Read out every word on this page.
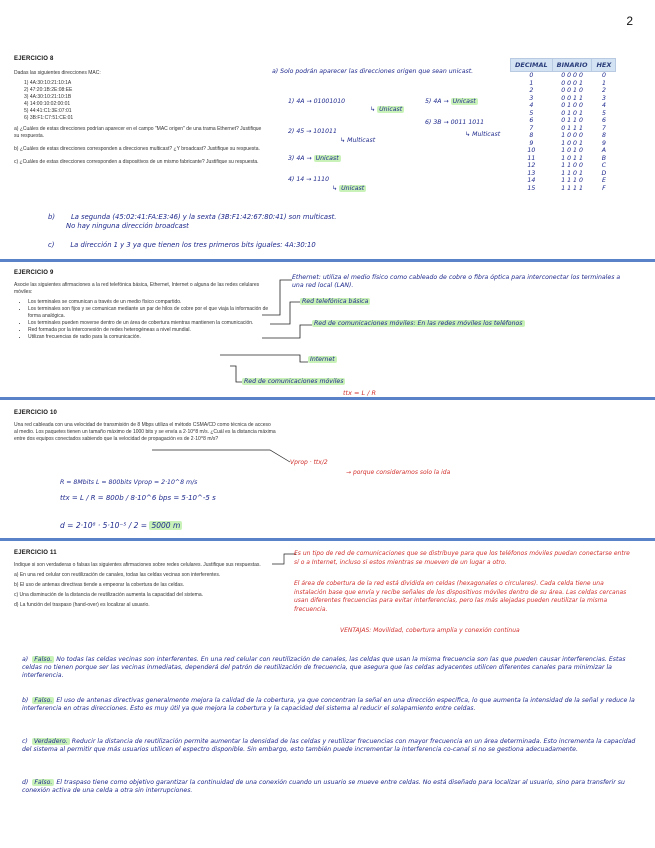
2
EJERCICIO 8

Dadas las siguientes direcciones MAC:

1) 4A:30:10:21:10:1A
2) 47:20:1B:2E:08:EE
3) 4A:30:10:21:10:1B
4) 14:00:10:02:00:01
5) 44:41:C1:3E:07:01
6) 3B:F1:C7:51:CE:01

a) ¿Cuáles de estas direcciones podrían aparecer en el campo "MAC origen" de una trama Ethernet? Justifique su respuesta.

b) ¿Cuáles de estas direcciones corresponden a direcciones multicast? ¿Y broadcast? Justifique su respuesta.

c) ¿Cuáles de estas direcciones corresponden a dispositivos de un mismo fabricante? Justifique su respuesta.

a) Solo podrán aparecer las direcciones origen que sean unicast.
1) 4A → 01001010
↳ Unicast
2) 45 → 101011
↳ Multicast
3) 4A → Unicast
4) 14 → 1110
↳ Unicast
5) 4A → Unicast
6) 3B → 0011 1011
↳ Multicast
DECIMAL	BINARIO	HEX
0	0 0 0 0	0
1	0 0 0 1	1
2	0 0 1 0	2
3	0 0 1 1	3
4	0 1 0 0	4
5	0 1 0 1	5
6	0 1 1 0	6
7	0 1 1 1	7
8	1 0 0 0	8
9	1 0 0 1	9
10	1 0 1 0	A
11	1 0 1 1	B
12	1 1 0 0	C
13	1 1 0 1	D
14	1 1 1 0	E
15	1 1 1 1	F
b) La segunda (45:02:41:FA:E3:46) y la sexta (3B:F1:42:67:80:41) son multicast.
No hay ninguna dirección broadcast
c) La dirección 1 y 3 ya que tienen los tres primeros bits iguales: 4A:30:10
EJERCICIO 9

Asocie las siguientes afirmaciones a la red telefónica básica, Ethernet, Internet o alguna de las redes celulares móviles:

• Los terminales se comunican a través de un medio físico compartido.
• Los terminales son fijos y se comunican mediante un par de hilos de cobre por el que viaja la información de forma analógica.
• Los terminales pueden moverse dentro de un área de cobertura mientras mantienen la comunicación.
• Red formada por la interconexión de redes heterogéneas a nivel mundial.
• Utilizan frecuencias de radio para la comunicación.
Ethernet: utiliza el medio físico como cableado de cobre o fibra óptica para interconectar los terminales a una red local (LAN).
Red telefónica básica
Red de comunicaciones móviles: En las redes móviles los teléfonos
Internet
Red de comunicaciones móviles
EJERCICIO 10

Una red cableada con una velocidad de transmisión de 8 Mbps utiliza el método CSMA/CD como técnica de acceso al medio. Los paquetes tienen un tamaño máximo de 1000 bits y se envía a 2·10^8 m/s. ¿Cuál es la distancia máxima entre dos equipos conectados sabiendo que la velocidad de propagación es de 2·10^8 m/s?

ttx = L / R
Vprop · ttx/2
→ porque consideramos solo la ida
R = 8Mbits L = 800bits Vprop = 2·10^8 m/s
ttx = L / R = 800b / 8·10^6 bps = 5·10^-5 s
d = 2·10⁸ · 5·10⁻⁵ / 2 = 5000 m
EJERCICIO 11

Indique si son verdaderas o falsas las siguientes afirmaciones sobre redes celulares. Justifique sus respuestas.

a) En una red celular con reutilización de canales, todas las celdas vecinas son interferentes.

b) El uso de antenas directivas tiende a empeorar la cobertura de las celdas.

c) Una disminución de la distancia de reutilización aumenta la capacidad del sistema.

d) La función del traspaso (hand-over) es localizar al usuario.

Es un tipo de red de comunicaciones que se distribuye para que los teléfonos móviles puedan conectarse entre sí o a Internet, incluso si estos mientras se mueven de un lugar a otro.
El área de cobertura de la red está dividida en celdas (hexagonales o circulares). Cada celda tiene una instalación base que envía y recibe señales de los dispositivos móviles dentro de su área. Las celdas cercanas usan diferentes frecuencias para evitar interferencias, pero las más alejadas pueden reutilizar la misma frecuencia.
VENTAJAS: Movilidad, cobertura amplia y conexión continua
a) Falso. No todas las celdas vecinas son interferentes. En una red celular con reutilización de canales, las celdas que usan la misma frecuencia son las que pueden causar interferencias. Estas celdas no tienen porque ser las vecinas inmediatas, dependerá del patrón de reutilización de frecuencia, que asegura que las celdas adyacentes utilicen diferentes canales para minimizar la interferencia.
b) Falso. El uso de antenas directivas generalmente mejora la calidad de la cobertura, ya que concentran la señal en una dirección específica, lo que aumenta la intensidad de la señal y reduce la interferencia en otras direcciones. Esto es muy útil ya que mejora la cobertura y la capacidad del sistema al reducir el solapamiento entre celdas.
c) Verdadero. Reducir la distancia de reutilización permite aumentar la densidad de las celdas y reutilizar frecuencias con mayor frecuencia en un área determinada. Esto incrementa la capacidad del sistema al permitir que más usuarios utilicen el espectro disponible. Sin embargo, esto también puede incrementar la interferencia co-canal si no se gestiona adecuadamente.
d) Falso. El traspaso tiene como objetivo garantizar la continuidad de una conexión cuando un usuario se mueve entre celdas. No está diseñado para localizar al usuario, sino para transferir su conexión activa de una celda a otra sin interrupciones.
